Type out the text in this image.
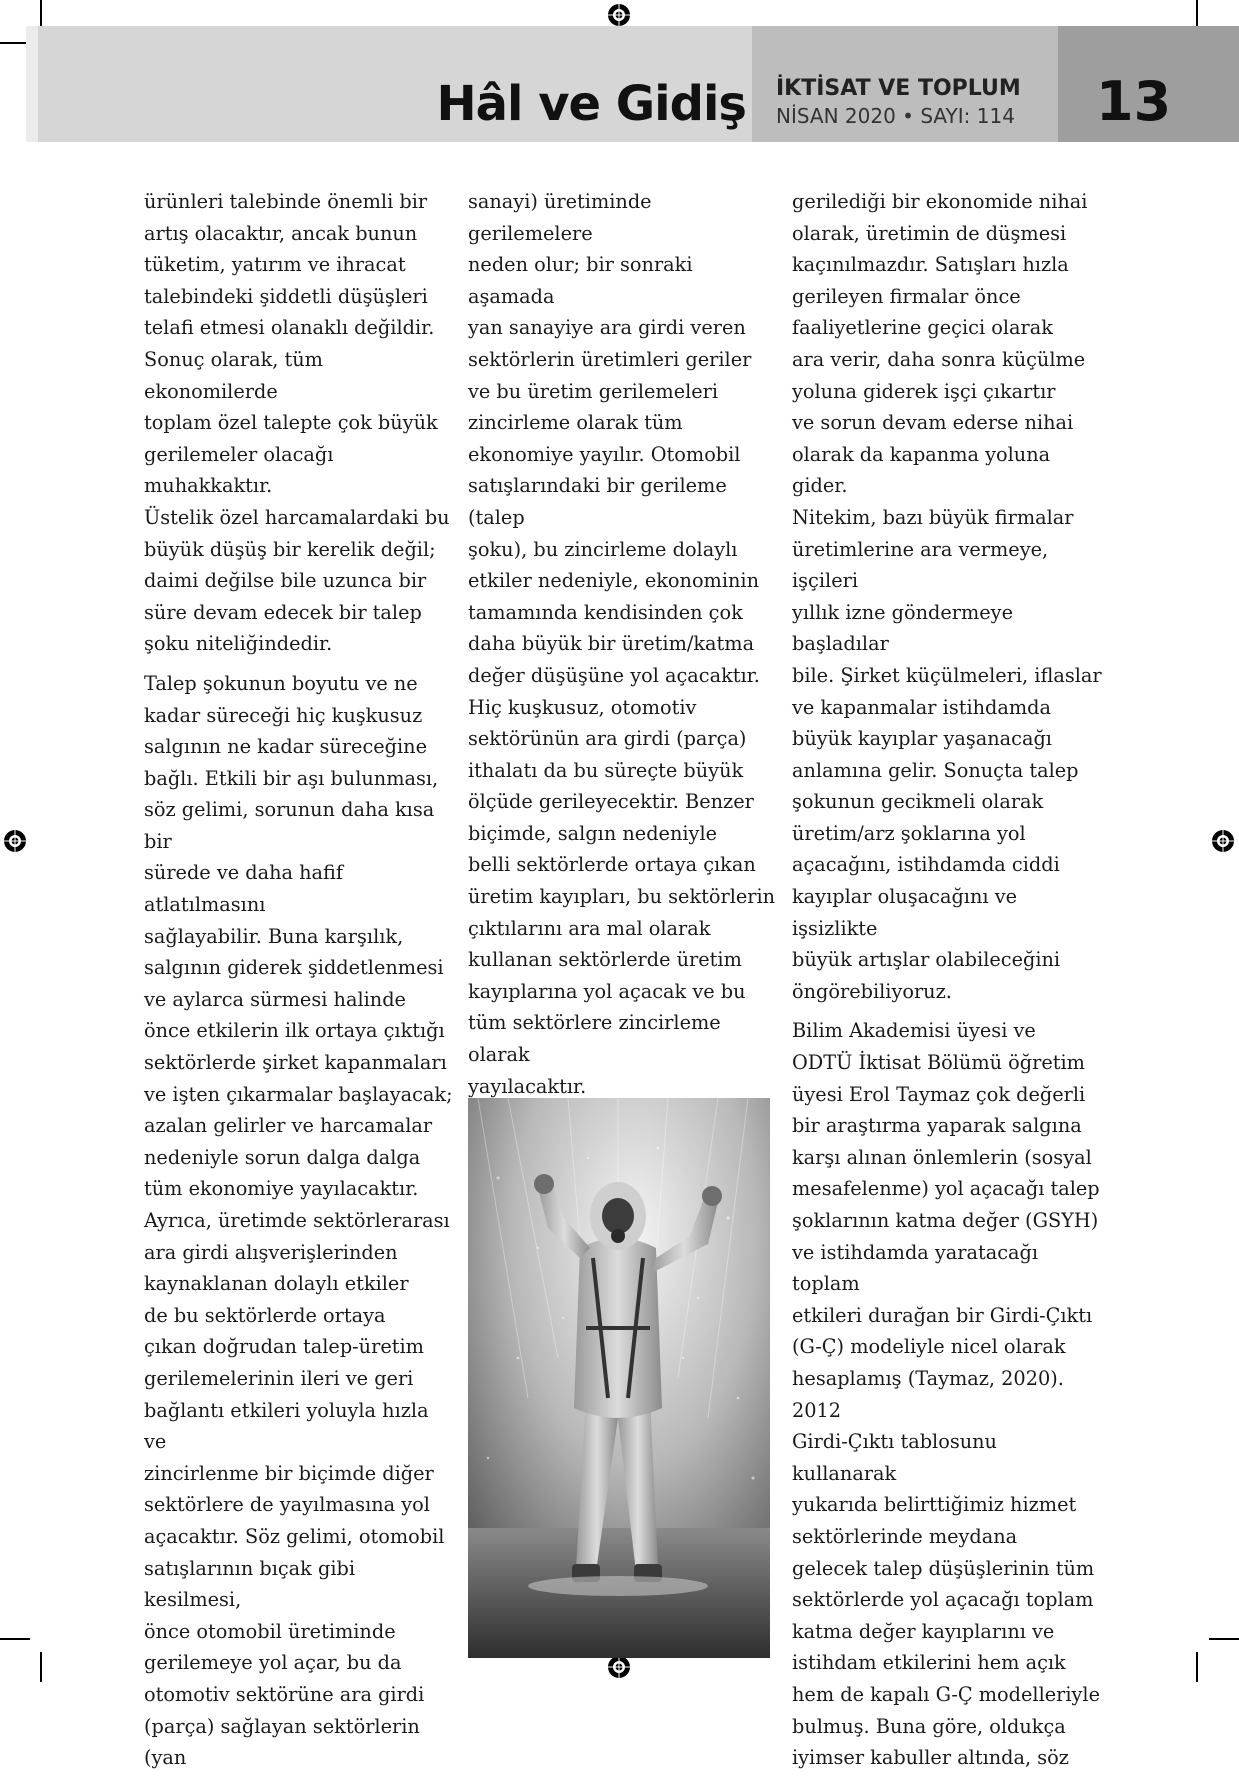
Hâl ve Gidiş İKTİSAT VE TOPLUM
NİSAN 2020 • SAYI: 114 13

ürünleri talebinde önemli bir
artış olacaktır, ancak bunun
tüketim, yatırım ve ihracat
talebindeki şiddetli düşüşleri
telafi etmesi olanaklı değildir.
Sonuç olarak, tüm ekonomilerde
toplam özel talepte çok büyük
gerilemeler olacağı muhakkaktır.
Üstelik özel harcamalardaki bu
büyük düşüş bir kerelik değil;
daimi değilse bile uzunca bir
süre devam edecek bir talep
şoku niteliğindedir.

Talep şokunun boyutu ve ne
kadar süreceği hiç kuşkusuz
salgının ne kadar süreceğine
bağlı. Etkili bir aşı bulunması,
söz gelimi, sorunun daha kısa bir
sürede ve daha hafif atlatılmasını
sağlayabilir. Buna karşılık,
salgının giderek şiddetlenmesi
ve aylarca sürmesi halinde
önce etkilerin ilk ortaya çıktığı
sektörlerde şirket kapanmaları
ve işten çıkarmalar başlayacak;
azalan gelirler ve harcamalar
nedeniyle sorun dalga dalga
tüm ekonomiye yayılacaktır.
Ayrıca, üretimde sektörlerarası
ara girdi alışverişlerinden
kaynaklanan dolaylı etkiler
de bu sektörlerde ortaya
çıkan doğrudan talep-üretim
gerilemelerinin ileri ve geri
bağlantı etkileri yoluyla hızla ve
zincirlenme bir biçimde diğer
sektörlere de yayılmasına yol
açacaktır. Söz gelimi, otomobil
satışlarının bıçak gibi kesilmesi,
önce otomobil üretiminde
gerilemeye yol açar, bu da
otomotiv sektörüne ara girdi
(parça) sağlayan sektörlerin (yan

sanayi) üretiminde gerilemelere
neden olur; bir sonraki aşamada
yan sanayiye ara girdi veren
sektörlerin üretimleri geriler
ve bu üretim gerilemeleri
zincirleme olarak tüm
ekonomiye yayılır. Otomobil
satışlarındaki bir gerileme (talep
şoku), bu zincirleme dolaylı
etkiler nedeniyle, ekonominin
tamamında kendisinden çok
daha büyük bir üretim/katma
değer düşüşüne yol açacaktır.
Hiç kuşkusuz, otomotiv
sektörünün ara girdi (parça)
ithalatı da bu süreçte büyük
ölçüde gerileyecektir. Benzer
biçimde, salgın nedeniyle
belli sektörlerde ortaya çıkan
üretim kayıpları, bu sektörlerin
çıktılarını ara mal olarak
kullanan sektörlerde üretim
kayıplarına yol açacak ve bu
tüm sektörlere zincirleme olarak
yayılacaktır.

gerilediği bir ekonomide nihai
olarak, üretimin de düşmesi
kaçınılmazdır. Satışları hızla
gerileyen firmalar önce
faaliyetlerine geçici olarak
ara verir, daha sonra küçülme
yoluna giderek işçi çıkartır
ve sorun devam ederse nihai
olarak da kapanma yoluna gider.
Nitekim, bazı büyük firmalar
üretimlerine ara vermeye, işçileri
yıllık izne göndermeye başladılar
bile. Şirket küçülmeleri, iflaslar
ve kapanmalar istihdamda
büyük kayıplar yaşanacağı
anlamına gelir. Sonuçta talep
şokunun gecikmeli olarak
üretim/arz şoklarına yol
açacağını, istihdamda ciddi
kayıplar oluşacağını ve işsizlikte
büyük artışlar olabileceğini
öngörebiliyoruz.

Bilim Akademisi üyesi ve
ODTÜ İktisat Bölümü öğretim
üyesi Erol Taymaz çok değerli
bir araştırma yaparak salgına
karşı alınan önlemlerin (sosyal
mesafelenme) yol açacağı talep
şoklarının katma değer (GSYH)
ve istihdamda yaratacağı toplam
etkileri durağan bir Girdi-Çıktı
(G-Ç) modeliyle nicel olarak
hesaplamış (Taymaz, 2020). 2012
Girdi-Çıktı tablosunu kullanarak
yukarıda belirttiğimiz hizmet
sektörlerinde meydana
gelecek talep düşüşlerinin tüm
sektörlerde yol açacağı toplam
katma değer kayıplarını ve
istihdam etkilerini hem açık
hem de kapalı G-Ç modelleriyle
bulmuş. Buna göre, oldukça
iyimser kabuller altında, söz
